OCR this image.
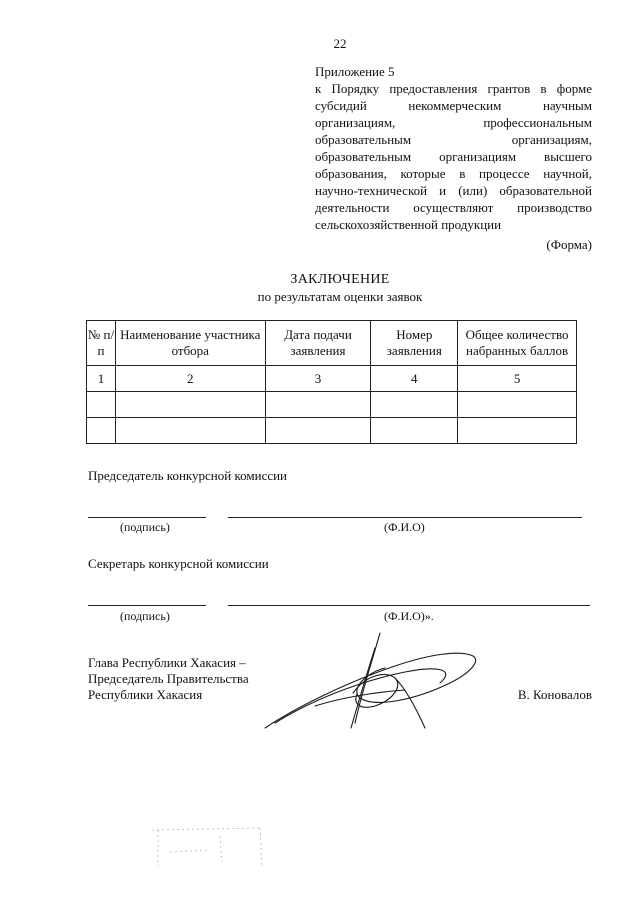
22
Приложение 5
к Порядку предоставления грантов в форме субсидий некоммерческим научным организациям, профессиональным образовательным организациям, образовательным организациям высшего образования, которые в процессе научной, научно-технической и (или) образовательной деятельности осуществляют производство сельскохозяйственной продукции
(Форма)
ЗАКЛЮЧЕНИЕ
по результатам оценки заявок
№ п/п	Наименование участника отбора	Дата подачи заявления	Номер заявления	Общее количество набранных баллов
1	2	3	4	5

Председатель конкурсной комиссии
(подпись)	(Ф.И.О)
Секретарь конкурсной комиссии
(подпись)	(Ф.И.О)».
Глава Республики Хакасия –
Председатель Правительства
Республики Хакасия	В. Коновалов
